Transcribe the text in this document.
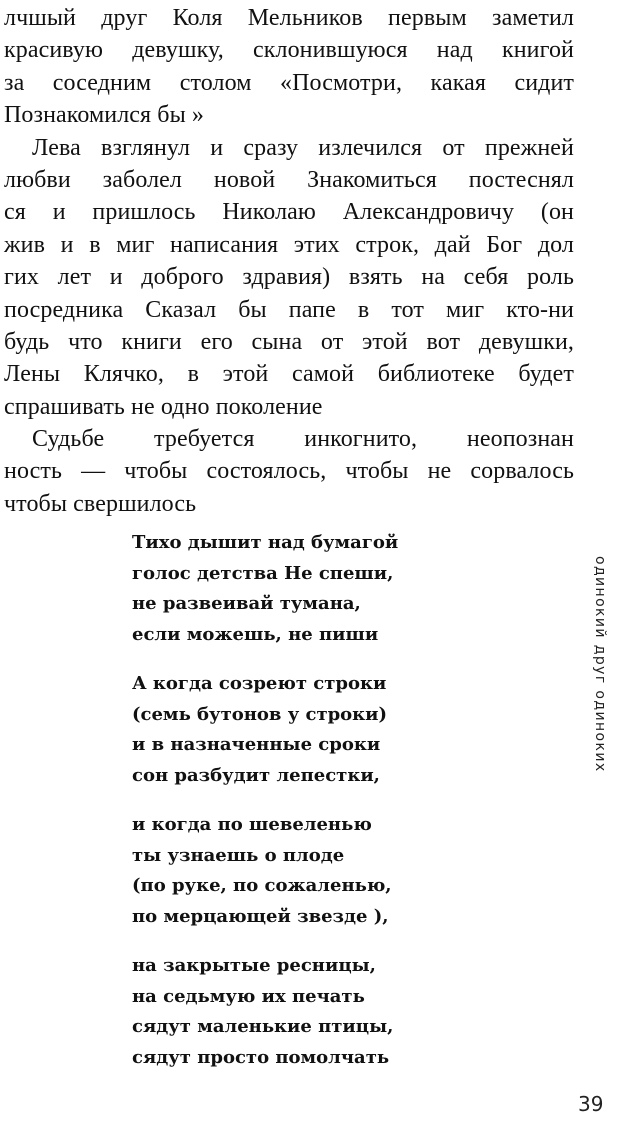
лчшый друг Коля Мельников первым заметил
красивую девушку, склонившуюся над книгой
за соседним столом «Посмотри, какая сидит
Познакомился бы »
Лева взглянул и сразу излечился от прежней
любви заболел новой Знакомиться постеснял
ся и пришлось Николаю Александровичу (он
жив и в миг написания этих строк, дай Бог дол
гих лет и доброго здравия) взять на себя роль
посредника Сказал бы папе в тот миг кто-ни
будь что книги его сына от этой вот девушки,
Лены Клячко, в этой самой библиотеке будет
спрашивать не одно поколение
Судьбе требуется инкогнито, неопознан
ность — чтобы состоялось, чтобы не сорвалось
чтобы свершилось
Тихо дышит над бумагой
голос детства Не спеши,
не развеивай тумана,
если можешь, не пиши
А когда созреют строки
(семь бутонов у строки)
и в назначенные сроки
сон разбудит лепестки,
и когда по шевеленью
ты узнаешь о плоде
(по руке, по сожаленью,
по мерцающей звезде ),
на закрытые ресницы,
на седьмую их печать
сядут маленькие птицы,
сядут просто помолчать
одинокий друг одиноких
39
